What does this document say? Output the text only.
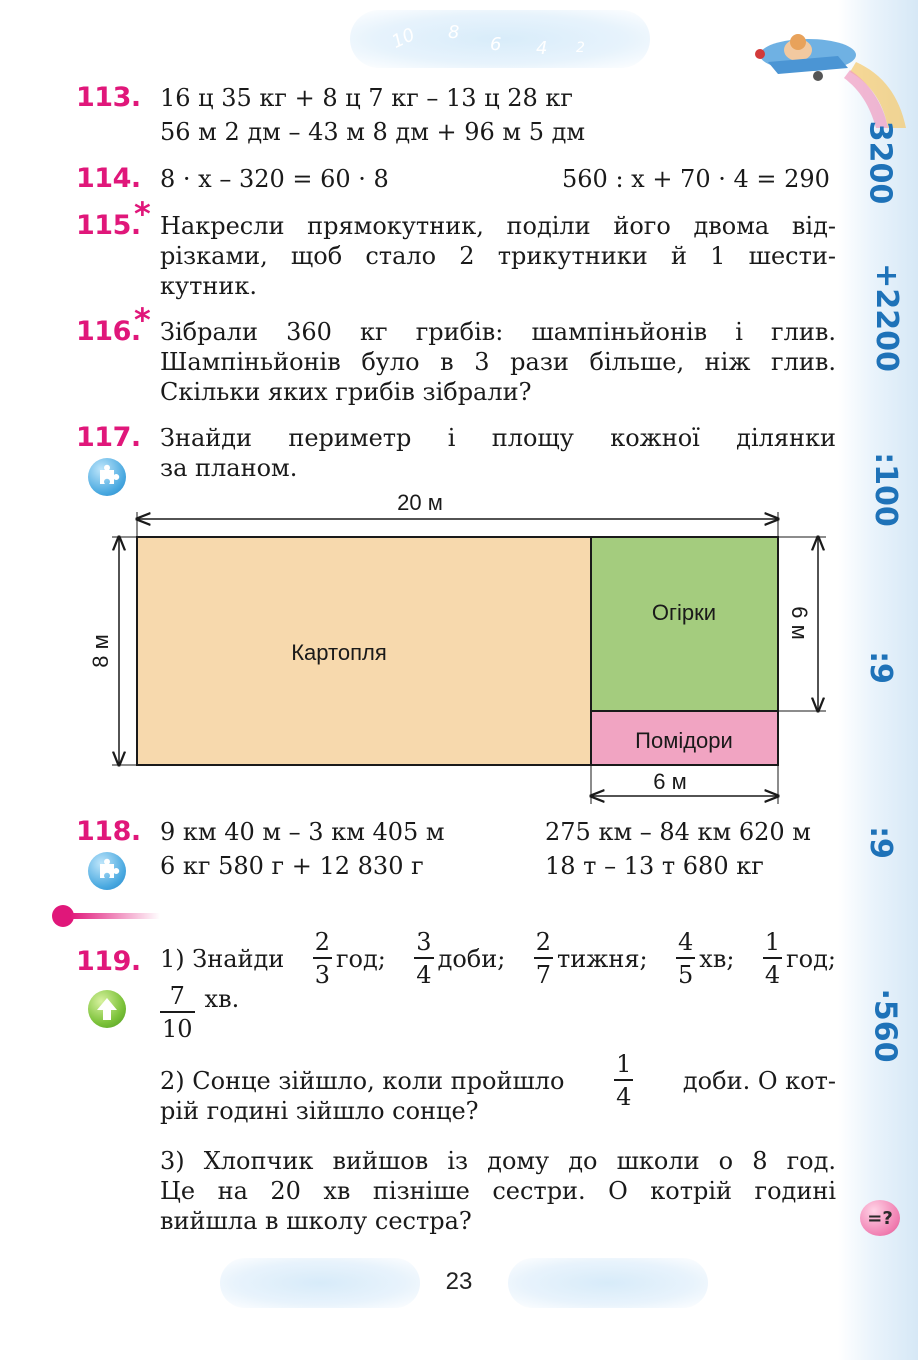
10 8
6 4 2
3200
+2200
:100
:9
:9
·560
113. 16 ц 35 кг + 8 ц 7 кг – 13 ц 28 кг
56 м 2 дм – 43 м 8 дм + 96 м 5 дм
114. 8 · x – 320 = 60 · 8	560 : x + 70 · 4 = 290
115.
* Накресли прямокутник, поділи його двома від-
різками, щоб стало 2 трикутники й 1 шести-
кутник.
116.
* Зібрали 360 кг грибів: шампіньйонів і глив.
Шампіньйонів було в 3 рази більше, ніж глив.
Скільки яких грибів зібрали?
117. Знайди периметр і площу кожної ділянки
за планом.
20 м
8 м
6 м
6 м
Картопля
Огірки
Помідори
118. 9 км 40 м – 3 км 405 м	275 км – 84 км 620 м
6 кг 580 г + 12 830 г	18 т – 13 т 680 кг
119. 1) Знайди $\frac{2}{3}$ год; $\frac{3}{4}$ доби; $\frac{2}{7}$ тижня; $\frac{4}{5}$ хв; $\frac{1}{4}$ год;
$\frac{7}{10}$ хв.
2) Сонце зійшло, коли пройшло $\frac{1}{4}$ доби. О кот-
рій годині зійшло сонце?
3) Хлопчик вийшов із дому до школи о 8 год.
Це на 20 хв пізніше сестри. О котрій годині
вийшла в школу сестра?	=?
23
